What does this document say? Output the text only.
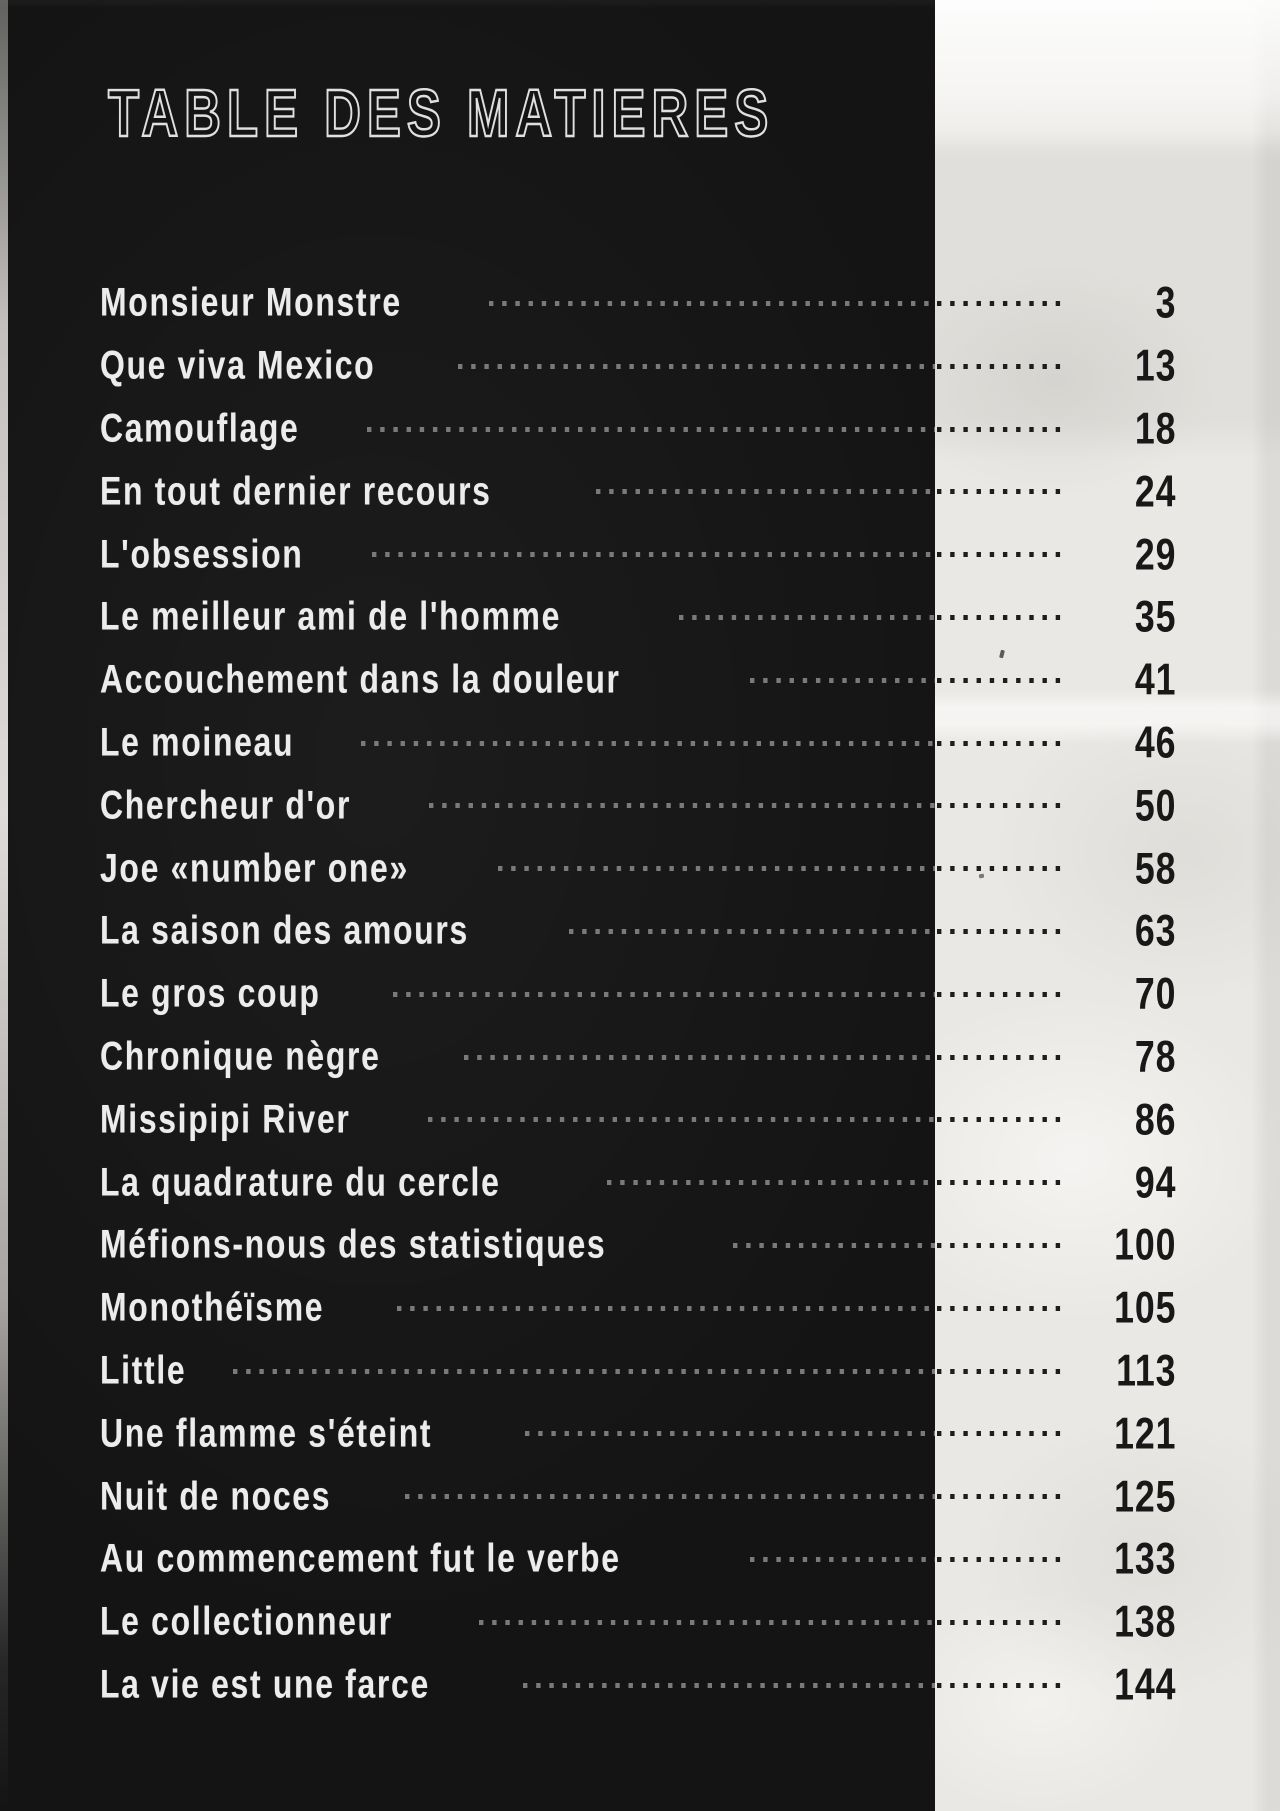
TABLE DES MATIERES
Monsieur Monstre	3
Que viva Mexico	13
Camouflage	18
En tout dernier recours	24
L'obsession	29
Le meilleur ami de l'homme	35
Accouchement dans la douleur	41
Le moineau	46
Chercheur d'or	50
Joe «number one»	58
La saison des amours	63
Le gros coup	70
Chronique nègre	78
Missipipi River	86
La quadrature du cercle	94
Méfions-nous des statistiques	100
Monothéïsme	105
Little	113
Une flamme s'éteint	121
Nuit de noces	125
Au commencement fut le verbe	133
Le collectionneur	138
La vie est une farce	144
